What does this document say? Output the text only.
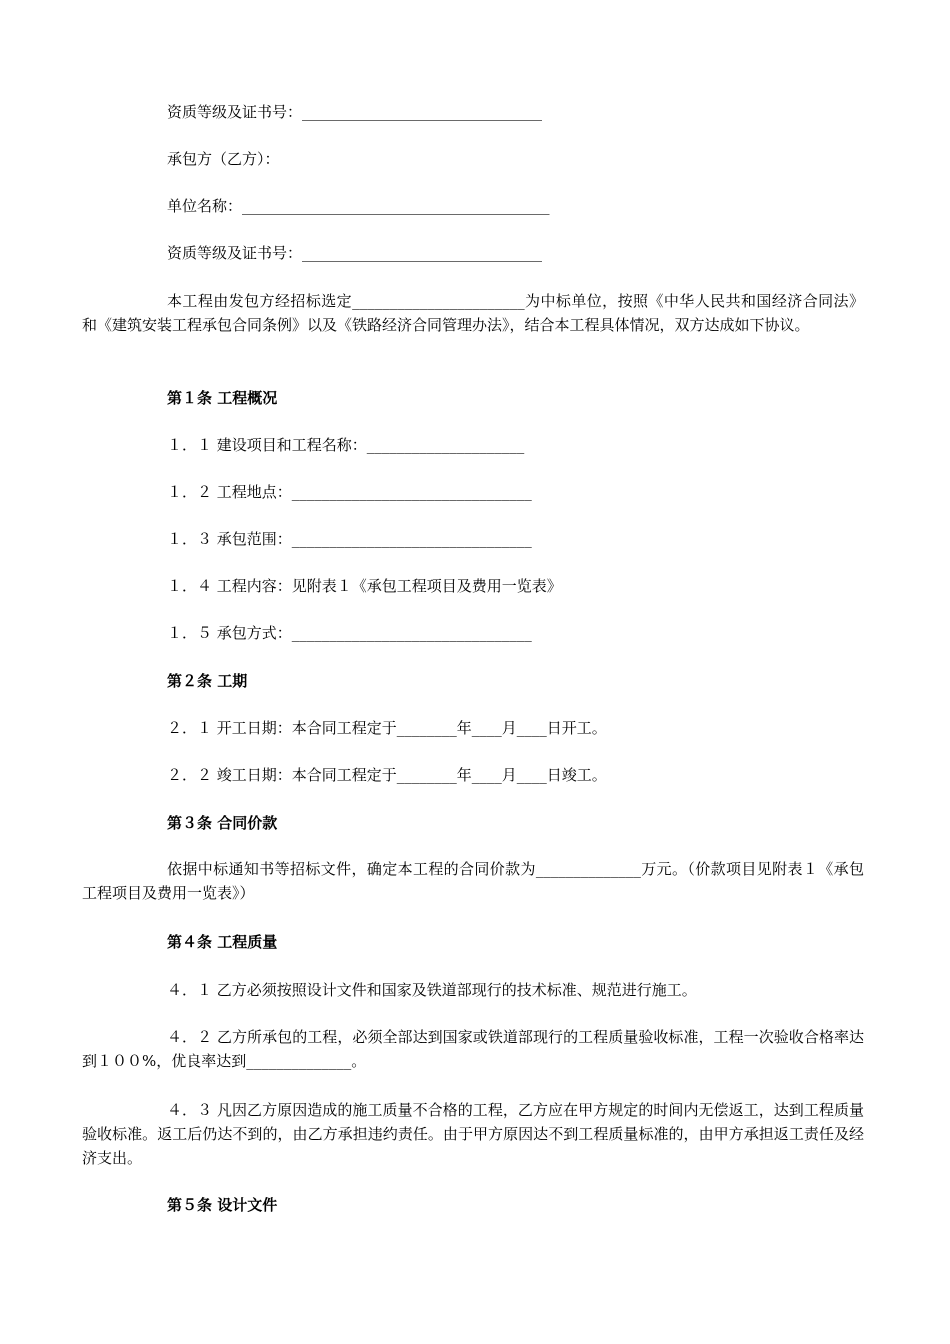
资质等级及证书号：________________________________
承包方（乙方）：
单位名称：_________________________________________
资质等级及证书号：________________________________
本工程由发包方经招标选定_______________________为中标单位，按照《中华人民共和国经济合同法》和《建筑安装工程承包合同条例》以及《铁路经济合同管理办法》，结合本工程具体情况，双方达成如下协议。
第１条 工程概况
１．１ 建设项目和工程名称：_____________________
１．２ 工程地点：________________________________
１．３ 承包范围：________________________________
１．４ 工程内容：见附表１《承包工程项目及费用一览表》
１．５ 承包方式：________________________________
第２条 工期
２．１ 开工日期：本合同工程定于________年____月____日开工。
２．２ 竣工日期：本合同工程定于________年____月____日竣工。
第３条 合同价款
依据中标通知书等招标文件，确定本工程的合同价款为______________万元。（价款项目见附表１《承包工程项目及费用一览表》）
第４条 工程质量
４．１ 乙方必须按照设计文件和国家及铁道部现行的技术标准、规范进行施工。
４．２ 乙方所承包的工程，必须全部达到国家或铁道部现行的工程质量验收标准，工程一次验收合格率达到１００%，优良率达到______________。
４．３ 凡因乙方原因造成的施工质量不合格的工程，乙方应在甲方规定的时间内无偿返工，达到工程质量验收标准。返工后仍达不到的，由乙方承担违约责任。由于甲方原因达不到工程质量标准的，由甲方承担返工责任及经济支出。
第５条 设计文件
